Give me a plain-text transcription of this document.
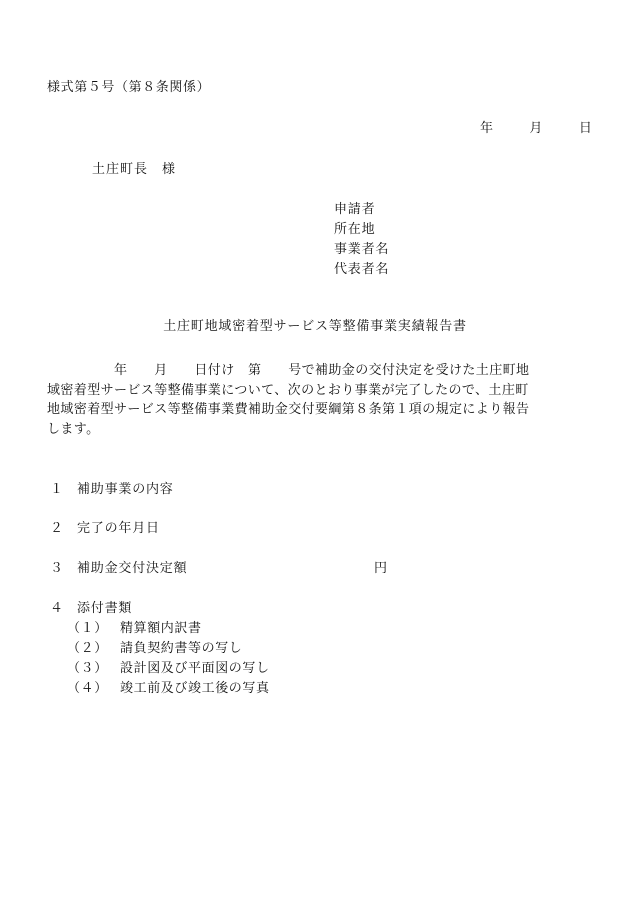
様式第５号（第８条関係）
年	月	日
土庄町長　様
申請者
所在地
事業者名
代表者名
土庄町地域密着型サービス等整備事業実績報告書
　　　　　年　　月　　日付け　第　　号で補助金の交付決定を受けた土庄町地
域密着型サービス等整備事業について、次のとおり事業が完了したので、土庄町
地域密着型サービス等整備事業費補助金交付要綱第８条第１項の規定により報告
します。
１ 補助事業の内容
２ 完了の年月日
３ 補助金交付決定額	円
４ 添付書類
（１） 精算額内訳書
（２） 請負契約書等の写し
（３） 設計図及び平面図の写し
（４） 竣工前及び竣工後の写真
